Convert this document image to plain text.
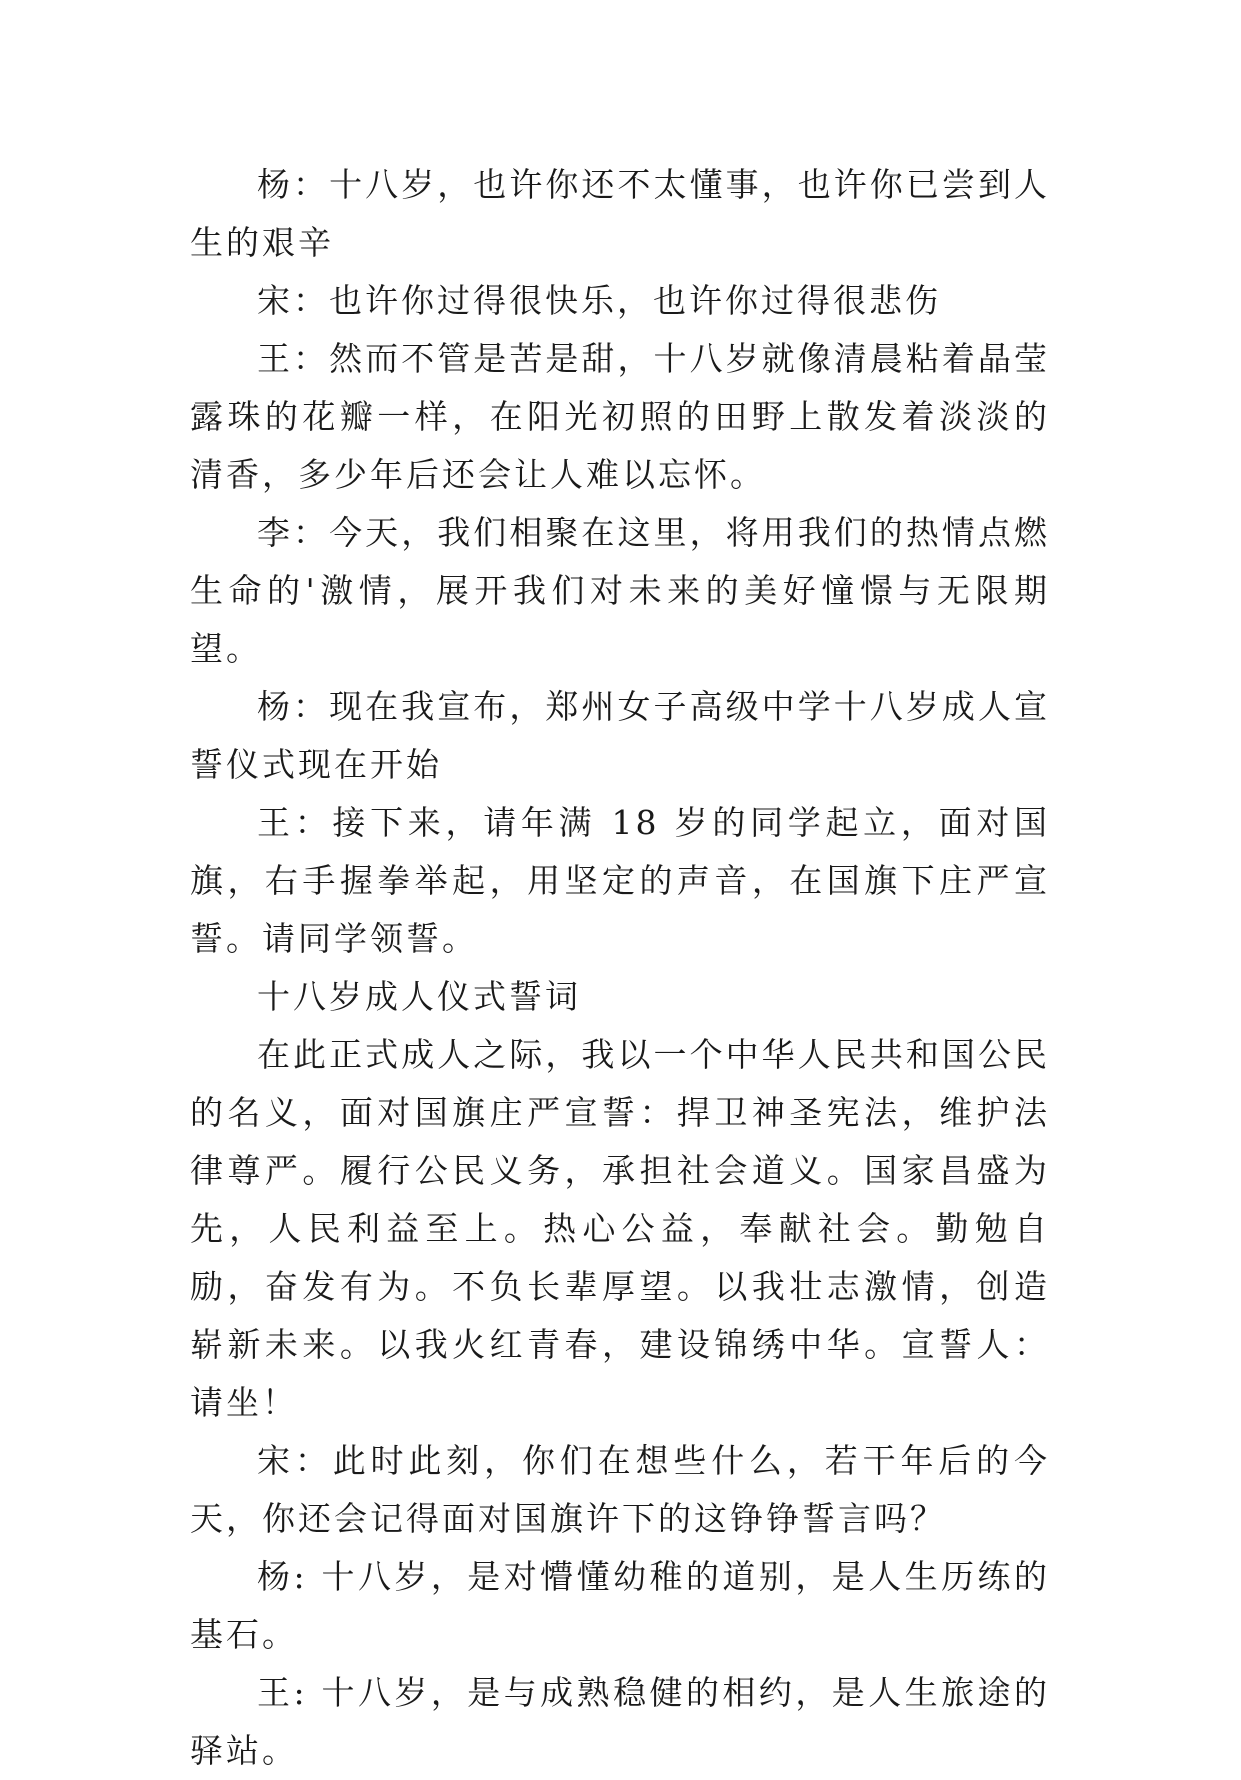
杨：十八岁，也许你还不太懂事，也许你已尝到人生的艰辛

宋：也许你过得很快乐，也许你过得很悲伤

王：然而不管是苦是甜，十八岁就像清晨粘着晶莹露珠的花瓣一样，在阳光初照的田野上散发着淡淡的清香，多少年后还会让人难以忘怀。

李：今天，我们相聚在这里，将用我们的热情点燃生命的'激情，展开我们对未来的美好憧憬与无限期望。

杨：现在我宣布，郑州女子高级中学十八岁成人宣誓仪式现在开始

王：接下来，请年满 18 岁的同学起立，面对国旗，右手握拳举起，用坚定的声音，在国旗下庄严宣誓。请同学领誓。

十八岁成人仪式誓词

在此正式成人之际，我以一个中华人民共和国公民的名义，面对国旗庄严宣誓：捍卫神圣宪法，维护法律尊严。履行公民义务，承担社会道义。国家昌盛为先，人民利益至上。热心公益，奉献社会。勤勉自励，奋发有为。不负长辈厚望。以我壮志激情，创造崭新未来。以我火红青春，建设锦绣中华。宣誓人：请坐！

宋：此时此刻，你们在想些什么，若干年后的今天，你还会记得面对国旗许下的这铮铮誓言吗？

杨: 十八岁，是对懵懂幼稚的道别，是人生历练的基石。

王: 十八岁，是与成熟稳健的相约，是人生旅途的驿站。
